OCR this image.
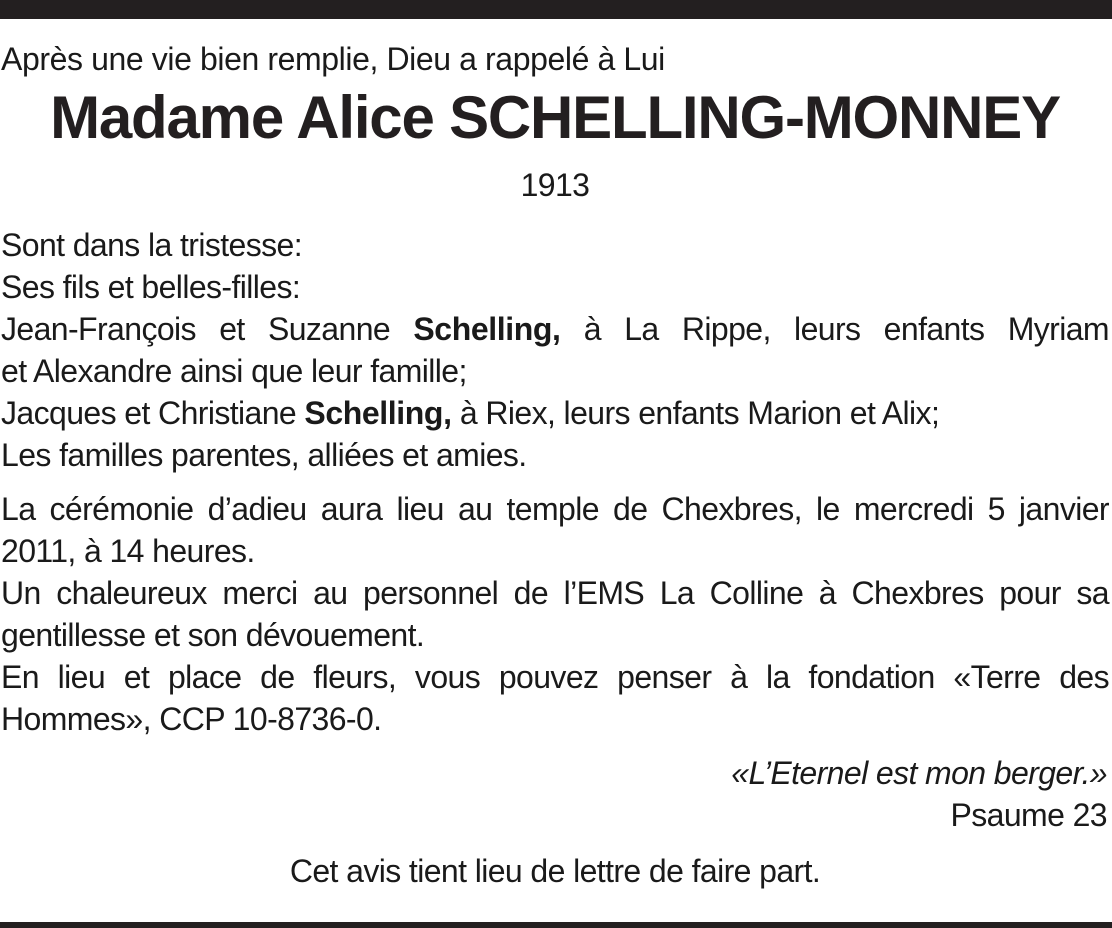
Après une vie bien remplie, Dieu a rappelé à Lui

Madame Alice SCHELLING-MONNEY
1913
Sont dans la tristesse:
Ses fils et belles-filles:
Jean-François et Suzanne Schelling, à La Rippe, leurs enfants Myriam
et Alexandre ainsi que leur famille;
Jacques et Christiane Schelling, à Riex, leurs enfants Marion et Alix;
Les familles parentes, alliées et amies.
La cérémonie d’adieu aura lieu au temple de Chexbres, le mercredi 5 janvier
2011, à 14 heures.
Un chaleureux merci au personnel de l’EMS La Colline à Chexbres pour sa
gentillesse et son dévouement.
En lieu et place de fleurs, vous pouvez penser à la fondation «Terre des
Hommes», CCP 10-8736-0.
«L’Eternel est mon berger.»
Psaume 23
Cet avis tient lieu de lettre de faire part.
